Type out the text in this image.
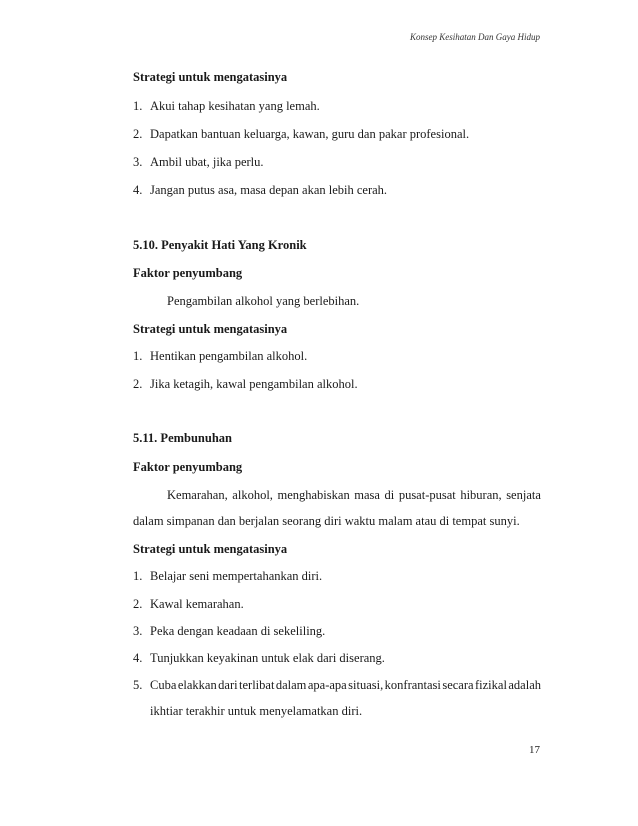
Konsep Kesihatan Dan Gaya Hidup
Strategi untuk mengatasinya
1. Akui tahap kesihatan yang lemah.
2. Dapatkan bantuan keluarga, kawan, guru dan pakar profesional.
3. Ambil ubat, jika perlu.
4. Jangan putus asa, masa depan akan lebih cerah.
5.10. Penyakit Hati Yang Kronik
Faktor penyumbang
Pengambilan alkohol yang berlebihan.
Strategi untuk mengatasinya
1. Hentikan pengambilan alkohol.
2. Jika ketagih, kawal pengambilan alkohol.
5.11. Pembunuhan
Faktor penyumbang
Kemarahan, alkohol, menghabiskan masa di pusat-pusat hiburan, senjata
dalam simpanan dan berjalan seorang diri waktu malam atau di tempat sunyi.
Strategi untuk mengatasinya
1. Belajar seni mempertahankan diri.
2. Kawal kemarahan.
3. Peka dengan keadaan di sekeliling.
4. Tunjukkan keyakinan untuk elak dari diserang.
5. Cuba elakkan dari terlibat dalam apa-apa situasi, konfrantasi secara fizikal adalah
ikhtiar terakhir untuk menyelamatkan diri.
17
